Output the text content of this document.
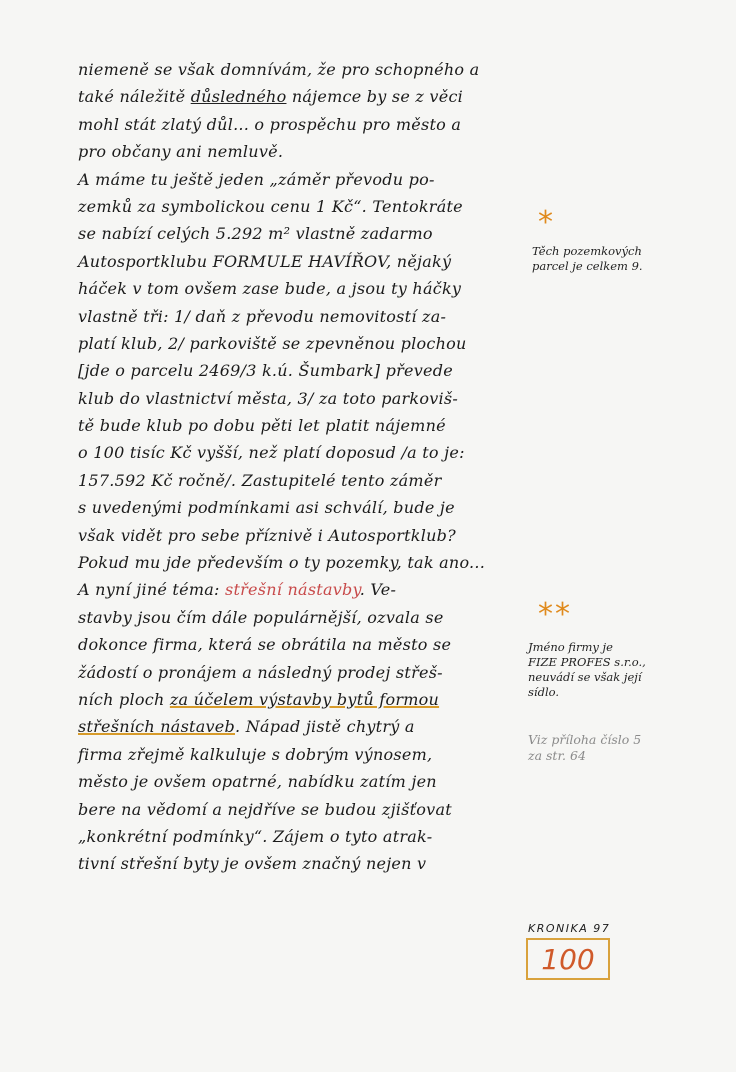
niemeně se však domnívám, že pro schopného a
také náležitě důsledného nájemce by se z věci
mohl stát zlatý důl... o prospěchu pro město a
pro občany ani nemluvě.
A máme tu ještě jeden „záměr převodu po-
zemků za symbolickou cenu 1 Kč“. Tentokráte
se nabízí celých 5.292 m² vlastně zadarmo
Autosportklubu FORMULE HAVÍŘOV, nějaký
háček v tom ovšem zase bude, a jsou ty háčky
vlastně tři: 1/ daň z převodu nemovitostí za-
platí klub, 2/ parkoviště se zpevněnou plochou
[jde o parcelu 2469/3 k.ú. Šumbark] převede
klub do vlastnictví města, 3/ za toto parkoviš-
tě bude klub po dobu pěti let platit nájemné
o 100 tisíc Kč vyšší, než platí doposud /a to je:
157.592 Kč ročně/. Zastupitelé tento záměr
s uvedenými podmínkami asi schválí, bude je
však vidět pro sebe příznivě i Autosportklub?
Pokud mu jde především o ty pozemky, tak ano...
A nyní jiné téma: střešní nástavby. Ve-
stavby jsou čím dále populárnější, ozvala se
dokonce firma, která se obrátila na město se
žádostí o pronájem a následný prodej střeš-
ních ploch za účelem výstavby bytů formou
střešních nástaveb. Nápad jistě chytrý a
firma zřejmě kalkuluje s dobrým výnosem,
město je ovšem opatrné, nabídku zatím jen
bere na vědomí a nejdříve se budou zjišťovat
„konkrétní podmínky“. Zájem o tyto atrak-
tivní střešní byty je ovšem značný nejen v
*
Těch pozemkových
parcel je celkem 9.
**
Jméno firmy je
FIZE PROFES s.r.o.,
neuvádí se však její
sídlo.
Viz příloha číslo 5
za str. 64
KRONIKA 97
100
